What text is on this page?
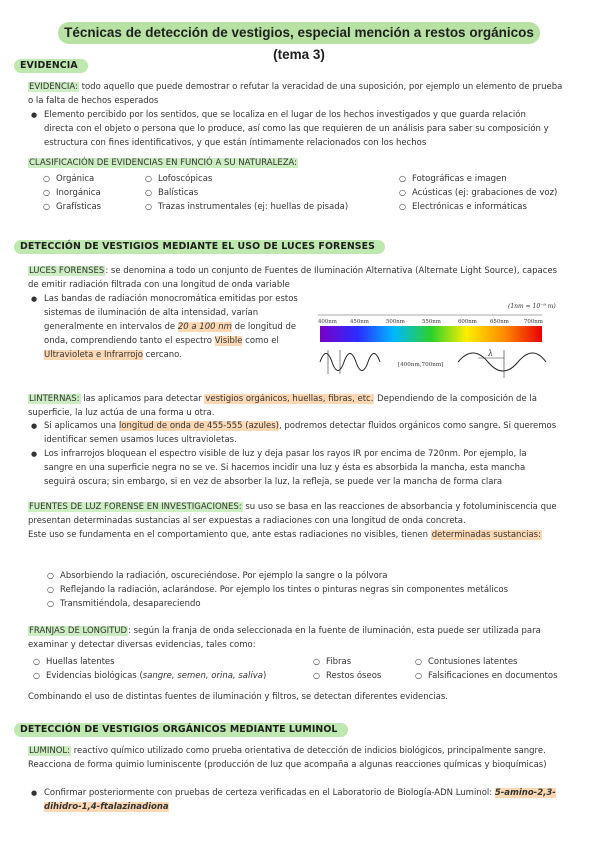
Técnicas de detección de vestigios, especial mención a restos orgánicos (tema 3)
EVIDENCIA
EVIDENCIA: todo aquello que puede demostrar o refutar la veracidad de una suposición, por ejemplo un elemento de prueba o la falta de hechos esperados
● Elemento percibido por los sentidos, que se localiza en el lugar de los hechos investigados y que guarda relación directa con el objeto o persona que lo produce, así como las que requieren de un análisis para saber su composición y estructura con fines identificativos, y que están íntimamente relacionados con los hechos
CLASIFICACIÓN DE EVIDENCIAS EN FUNCIÓ A SU NATURALEZA:
○ Orgánica
○ Inorgánica
○ Grafísticas
○ Lofoscópicas
○ Balísticas
○ Trazas instrumentales (ej: huellas de pisada)
○ Fotográficas e imagen
○ Acústicas (ej: grabaciones de voz)
○ Electrónicas e informáticas
DETECCIÓN DE VESTIGIOS MEDIANTE EL USO DE LUCES FORENSES
LUCES FORENSES: se denomina a todo un conjunto de Fuentes de Iluminación Alternativa (Alternate Light Source), capaces de emitir radiación filtrada con una longitud de onda variable
● Las bandas de radiación monocromática emitidas por estos sistemas de iluminación de alta intensidad, varían generalmente en intervalos de 20 a 100 nm de longitud de onda, comprendiendo tanto el espectro Visible como el Ultravioleta e Infrarrojo cercano.
(1nm = 10⁻⁹ m)
400nm 450nm	500nm	550nm	600nm 650nm	700nm
[400nm,700nm]
λ
LINTERNAS: las aplicamos para detectar vestigios orgánicos, huellas, fibras, etc. Dependiendo de la composición de la superficie, la luz actúa de una forma u otra.
● Si aplicamos una longitud de onda de 455-555 (azules), podremos detectar fluidos orgánicos como sangre. Si queremos identificar semen usamos luces ultravioletas.
● Los infrarrojos bloquean el espectro visible de luz y deja pasar los rayos IR por encima de 720nm. Por ejemplo, la sangre en una superficie negra no se ve. Si hacemos incidir una luz y ésta es absorbida la mancha, esta mancha seguirá oscura; sin embargo, si en vez de absorber la luz, la refleja, se puede ver la mancha de forma clara
FUENTES DE LUZ FORENSE EN INVESTIGACIONES: su uso se basa en las reacciones de absorbancia y fotoluminiscencia que presentan determinadas sustancias al ser expuestas a radiaciones con una longitud de onda concreta.
Este uso se fundamenta en el comportamiento que, ante estas radiaciones no visibles, tienen determinadas sustancias:
○ Absorbiendo la radiación, oscureciéndose. Por ejemplo la sangre o la pólvora
○ Reflejando la radiación, aclarándose. Por ejemplo los tintes o pinturas negras sin componentes metálicos
○ Transmitiéndola, desapareciendo
FRANJAS DE LONGITUD: según la franja de onda seleccionada en la fuente de iluminación, esta puede ser utilizada para examinar y detectar diversas evidencias, tales como:
○ Huellas latentes
○ Evidencias biológicas (sangre, semen, orina, saliva)
○ Fibras
○ Restos óseos
○ Contusiones latentes
○ Falsificaciones en documentos
Combinando el uso de distintas fuentes de iluminación y filtros, se detectan diferentes evidencias.
DETECCIÓN DE VESTIGIOS ORGÁNICOS MEDIANTE LUMINOL
LUMINOL: reactivo químico utilizado como prueba orientativa de detección de indicios biológicos, principalmente sangre. Reacciona de forma quimio luminiscente (producción de luz que acompaña a algunas reacciones químicas y bioquímicas)
● Confirmar posteriormente con pruebas de certeza verificadas en el Laboratorio de Biología-ADN Luminol: 5-amino-2,3-dihidro-1,4-ftalazinadiona
